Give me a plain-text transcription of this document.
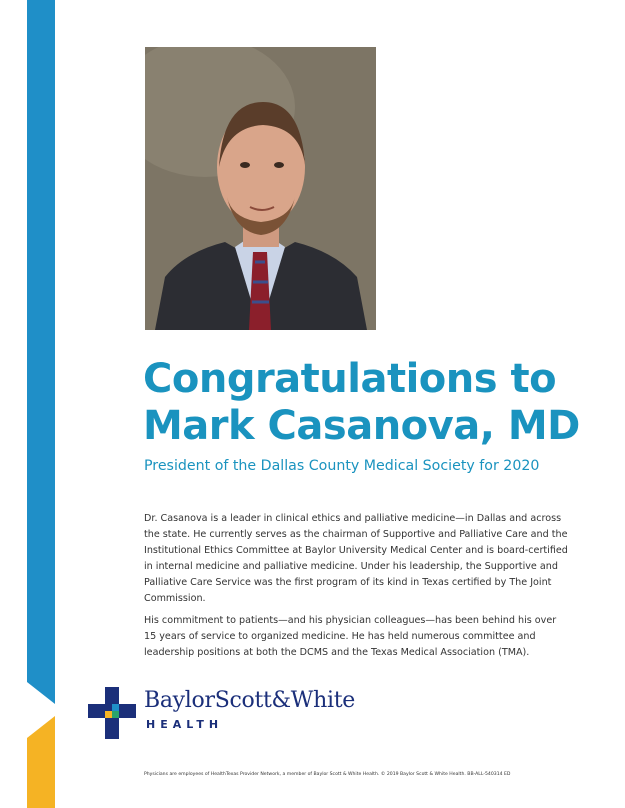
Congratulations to
Mark Casanova, MD
President of the Dallas County Medical Society for 2020

Dr. Casanova is a leader in clinical ethics and palliative medicine—in Dallas and across the state. He currently serves as the chairman of Supportive and Palliative Care and the Institutional Ethics Committee at Baylor University Medical Center and is board-certified in internal medicine and palliative medicine. Under his leadership, the Supportive and Palliative Care Service was the first program of its kind in Texas certified by The Joint Commission.

His commitment to patients—and his physician colleagues—has been behind his over 15 years of service to organized medicine. He has held numerous committee and leadership positions at both the DCMS and the Texas Medical Association (TMA).

BaylorScott&White
HEALTH
Physicians are employees of HealthTexas Provider Network, a member of Baylor Scott & White Health. © 2019 Baylor Scott & White Health. BB-ALL-540314 ED
